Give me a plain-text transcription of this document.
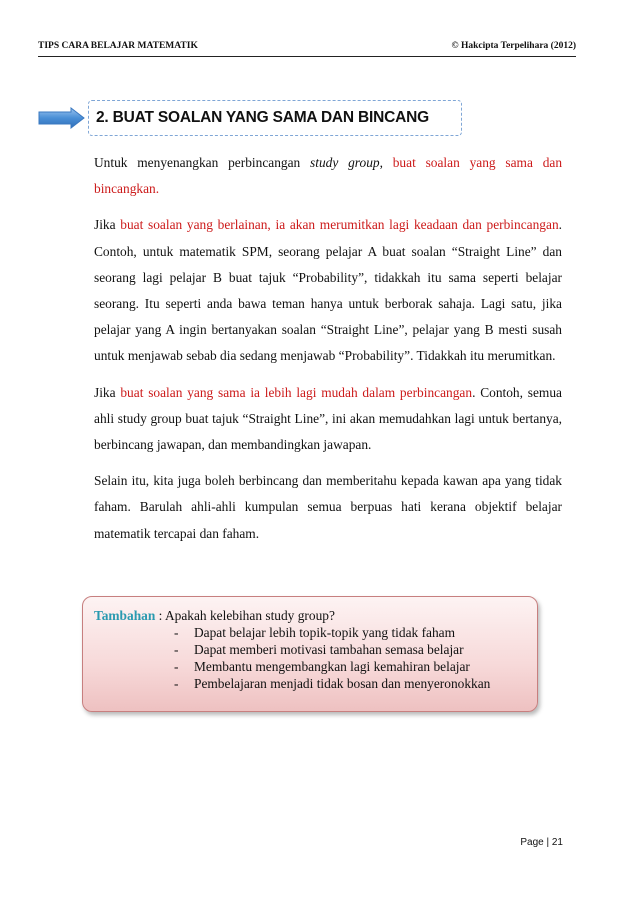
TIPS CARA BELAJAR MATEMATIK	© Hakcipta Terpelihara (2012)
2. BUAT SOALAN YANG SAMA DAN BINCANG

Untuk menyenangkan perbincangan study group, buat soalan yang sama dan bincangkan.

Jika buat soalan yang berlainan, ia akan merumitkan lagi keadaan dan perbincangan. Contoh, untuk matematik SPM, seorang pelajar A buat soalan “Straight Line” dan seorang lagi pelajar B buat tajuk “Probability”, tidakkah itu sama seperti belajar seorang. Itu seperti anda bawa teman hanya untuk berborak sahaja. Lagi satu, jika pelajar yang A ingin bertanyakan soalan “Straight Line”, pelajar yang B mesti susah untuk menjawab sebab dia sedang menjawab “Probability”. Tidakkah itu merumitkan.

Jika buat soalan yang sama ia lebih lagi mudah dalam perbincangan. Contoh, semua ahli study group buat tajuk “Straight Line”, ini akan memudahkan lagi untuk bertanya, berbincang jawapan, dan membandingkan jawapan.

Selain itu, kita juga boleh berbincang dan memberitahu kepada kawan apa yang tidak faham. Barulah ahli-ahli kumpulan semua berpuas hati kerana objektif belajar matematik tercapai dan faham.

Tambahan : Apakah kelebihan study group?
- Dapat belajar lebih topik-topik yang tidak faham
- Dapat memberi motivasi tambahan semasa belajar
- Membantu mengembangkan lagi kemahiran belajar
- Pembelajaran menjadi tidak bosan dan menyeronokkan
Page | 21
